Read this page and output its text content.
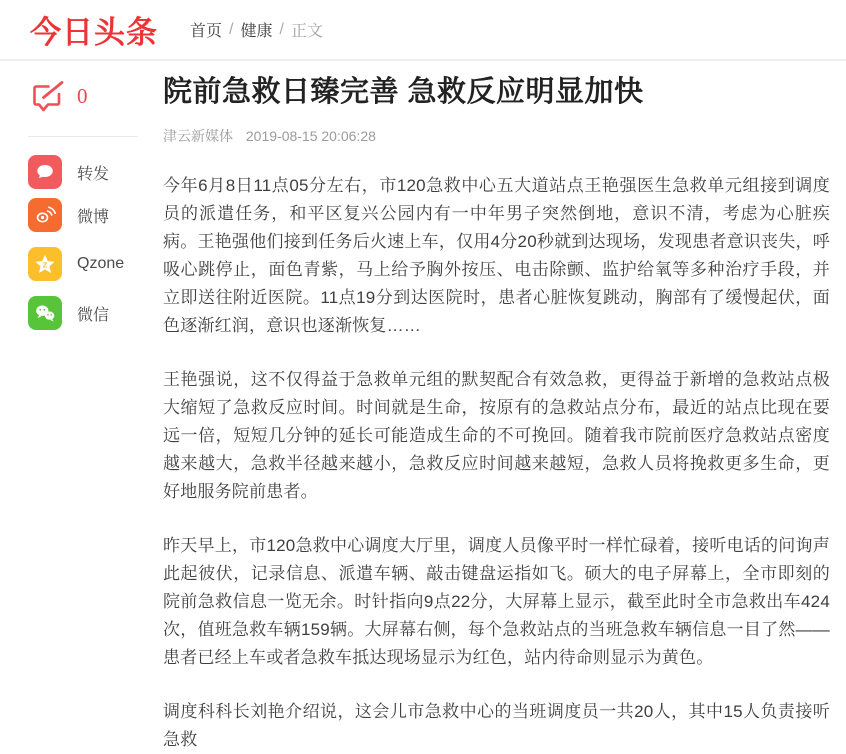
今日头条 首页 / 健康 / 正文
0
转发
微博
Z Qzone
微信
院前急救日臻完善 急救反应明显加快
津云新媒体 2019-08-15 20:06:28

今年6月8日11点05分左右，市120急救中心五大道站点王艳强医生急救单元组接到调度员的派遣任务，和平区复兴公园内有一中年男子突然倒地，意识不清，考虑为心脏疾病。王艳强他们接到任务后火速上车，仅用4分20秒就到达现场，发现患者意识丧失，呼吸心跳停止，面色青紫，马上给予胸外按压、电击除颤、监护给氧等多种治疗手段，并立即送往附近医院。11点19分到达医院时，患者心脏恢复跳动，胸部有了缓慢起伏，面色逐渐红润，意识也逐渐恢复……

王艳强说，这不仅得益于急救单元组的默契配合有效急救，更得益于新增的急救站点极大缩短了急救反应时间。时间就是生命，按原有的急救站点分布，最近的站点比现在要远一倍，短短几分钟的延长可能造成生命的不可挽回。随着我市院前医疗急救站点密度越来越大，急救半径越来越小，急救反应时间越来越短，急救人员将挽救更多生命，更好地服务院前患者。

昨天早上，市120急救中心调度大厅里，调度人员像平时一样忙碌着，接听电话的问询声此起彼伏，记录信息、派遣车辆、敲击键盘运指如飞。硕大的电子屏幕上，全市即刻的院前急救信息一览无余。时针指向9点22分，大屏幕上显示，截至此时全市急救出车424次，值班急救车辆159辆。大屏幕右侧，每个急救站点的当班急救车辆信息一目了然——患者已经上车或者急救车抵达现场显示为红色，站内待命则显示为黄色。

调度科科长刘艳介绍说，这会儿市急救中心的当班调度员一共20人，其中15人负责接听急救
